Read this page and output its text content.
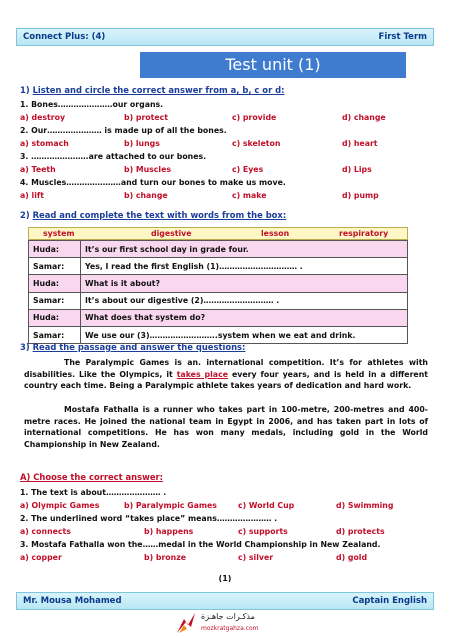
Connect Plus: (4)	First Term
Test unit (1)
1) Listen and circle the correct answer from a, b, c or d:
1. Bones…………………our organs.
a) destroy	b) protect	c) provide	d) change
2. Our………………… is made up of all the bones.
a) stomach	b) lungs	c) skeleton	d) heart
3. ………………….are attached to our bones.
a) Teeth	b) Muscles	c) Eyes	d) Lips
4. Muscles…………………and turn our bones to make us move.
a) lift	b) change	c) make	d) pump
2) Read and complete the text with words from the box:
system	digestive	lesson	respiratory
Huda:	It’s our first school day in grade four.
Samar:	Yes, I read the first English (1)………………………… .
Huda:	What is it about?
Samar:	It’s about our digestive (2)……………………… .
Huda:	What does that system do?
Samar:	We use our (3)……………………..system when we eat and drink.
3) Read the passage and answer the questions:
The Paralympic Games is an. international competition. It’s for athletes with disabilities. Like the Olympics, it takes place every four years, and is held in a different country each time. Being a Paralympic athlete takes years of dedication and hard work.
Mostafa Fathalla is a runner who takes part in 100-metre, 200-metres and 400-metre races. He joined the national team in Egypt in 2006, and has taken part in lots of international competitions. He has won many medals, including gold in the World Championship in New Zealand.
A) Choose the correct answer:
1. The text is about………………… .
a) Olympic Games	b) Paralympic Games	c) World Cup	d) Swimming
2. The underlined word “takes place” means………………… .
a) connects	b) happens	c) supports	d) protects
3. Mostafa Fathalla won the……medal in the World Championship in New Zealand.
a) copper	b) bronze	c) silver	d) gold
(1)
Mr. Mousa Mohamed	Captain English
مذكـرات جاهـزة
mozkratgahza.com
